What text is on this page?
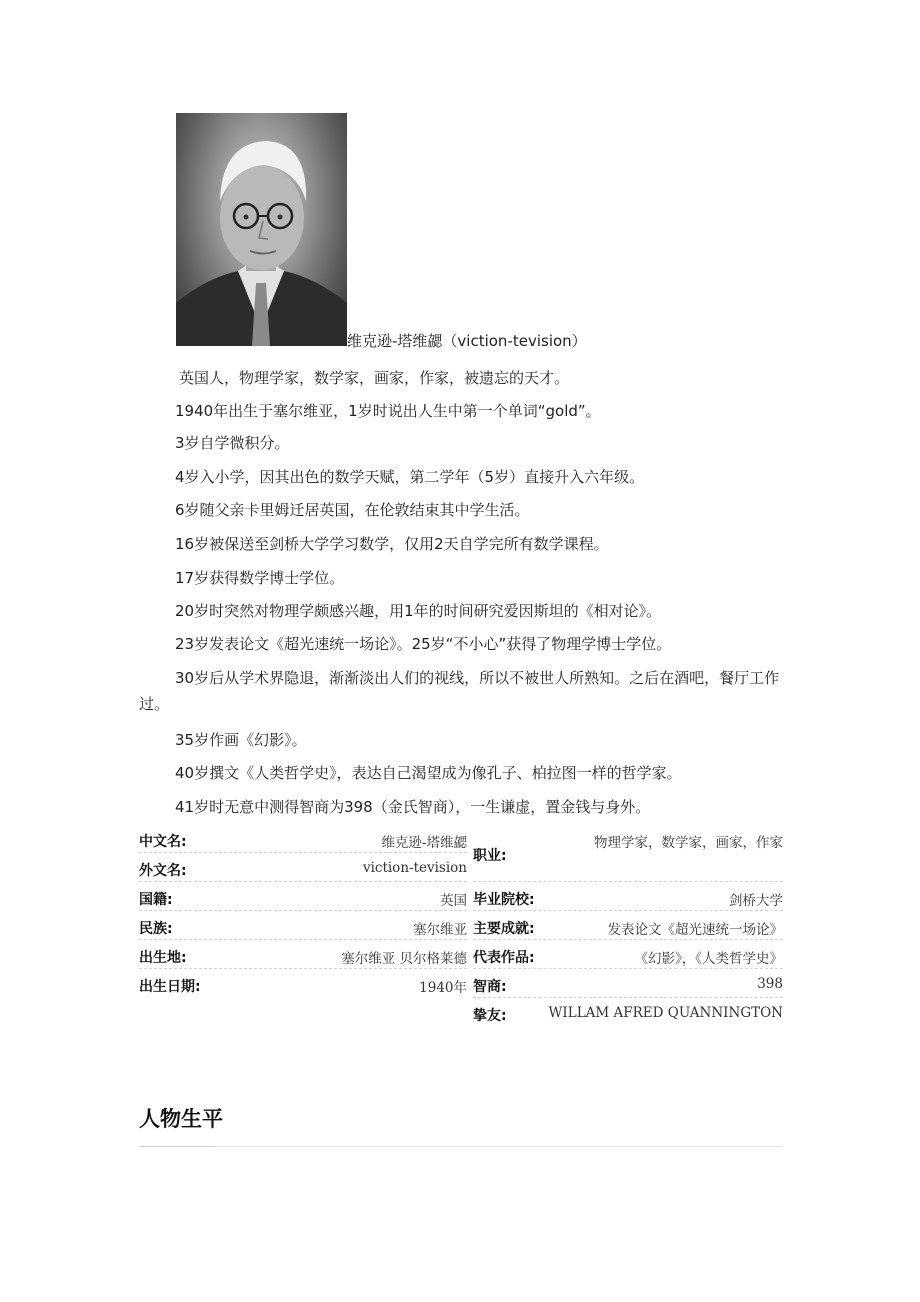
维克逊-塔维勰（viction-tevision）
英国人，物理学家，数学家，画家，作家，被遗忘的天才。
1940年出生于塞尔维亚，1岁时说出人生中第一个单词“gold”。
3岁自学微积分。
4岁入小学，因其出色的数学天赋，第二学年（5岁）直接升入六年级。
6岁随父亲卡里姆迁居英国，在伦敦结束其中学生活。
16岁被保送至剑桥大学学习数学，仅用2天自学完所有数学课程。
17岁获得数学博士学位。
20岁时突然对物理学颇感兴趣，用1年的时间研究爱因斯坦的《相对论》。
23岁发表论文《超光速统一场论》。25岁“不小心”获得了物理学博士学位。
30岁后从学术界隐退，渐渐淡出人们的视线，所以不被世人所熟知。之后在酒吧，餐厅工作过。
35岁作画《幻影》。
40岁撰文《人类哲学史》，表达自己渴望成为像孔子、柏拉图一样的哲学家。
41岁时无意中测得智商为398（金氏智商），一生谦虚，置金钱与身外。
中文名:	维克逊-塔维勰
外文名:	viction-tevision
国籍:	英国
民族:	塞尔维亚
出生地:	塞尔维亚 贝尔格莱德
出生日期:	1940年
职业:
物理学家，数学家，画家，作家
毕业院校:	剑桥大学
主要成就:	发表论文《超光速统一场论》
代表作品:	《幻影》，《人类哲学史》
智商:	398
挚友:	WILLAM AFRED QUANNINGTON
人物生平
